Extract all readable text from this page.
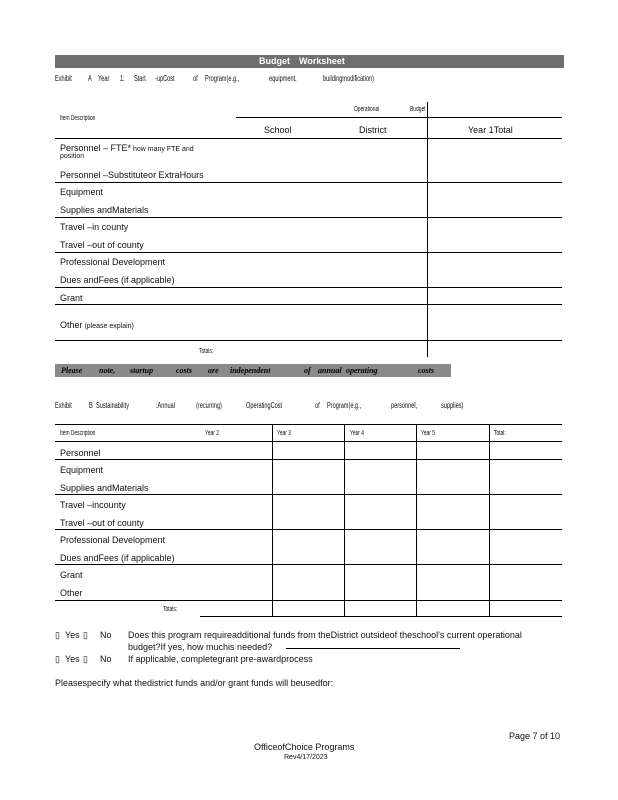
Budget Worksheet
Exhibit A Year 1: Start -upCost of Program(e.g.,	equipment,	buildingmodification)
Operational	Budget
Item Description
School	District	Year 1Total
Personnel – FTE* how many FTE and
position
Personnel –Substituteor ExtraHours
Equipment
Supplies andMaterials
Travel –in county
Travel –out of county
Professional Development
Dues andFees (if applicable)
Grant
Other (please explain)
Totals:
Please note, startup	costs are independent	of annual operating	costs
Exhibit B Sustainability	:Annual	(recurring)	OperatingCost	of Program(e.g.,	personnel,	supplies)
Item Description	Year 2	Year 3	Year 4	Year 5	Total:
Personnel
Equipment
Supplies andMaterials
Travel –incounty
Travel –out of county
Professional Development
Dues andFees (if applicable)
Grant
Other
Totals:
▯ Yes ▯ No Does this program requireadditional funds from theDistrict outsideof theschool's current operational
budget?If yes, how muchis needed?
▯ Yes ▯ No If applicable, completegrant pre-awardprocess
Pleasespecify what thedistrict funds and/or grant funds will beusedfor:
Page 7 of 10
OfficeofChoice Programs
Rev4/17/2023
